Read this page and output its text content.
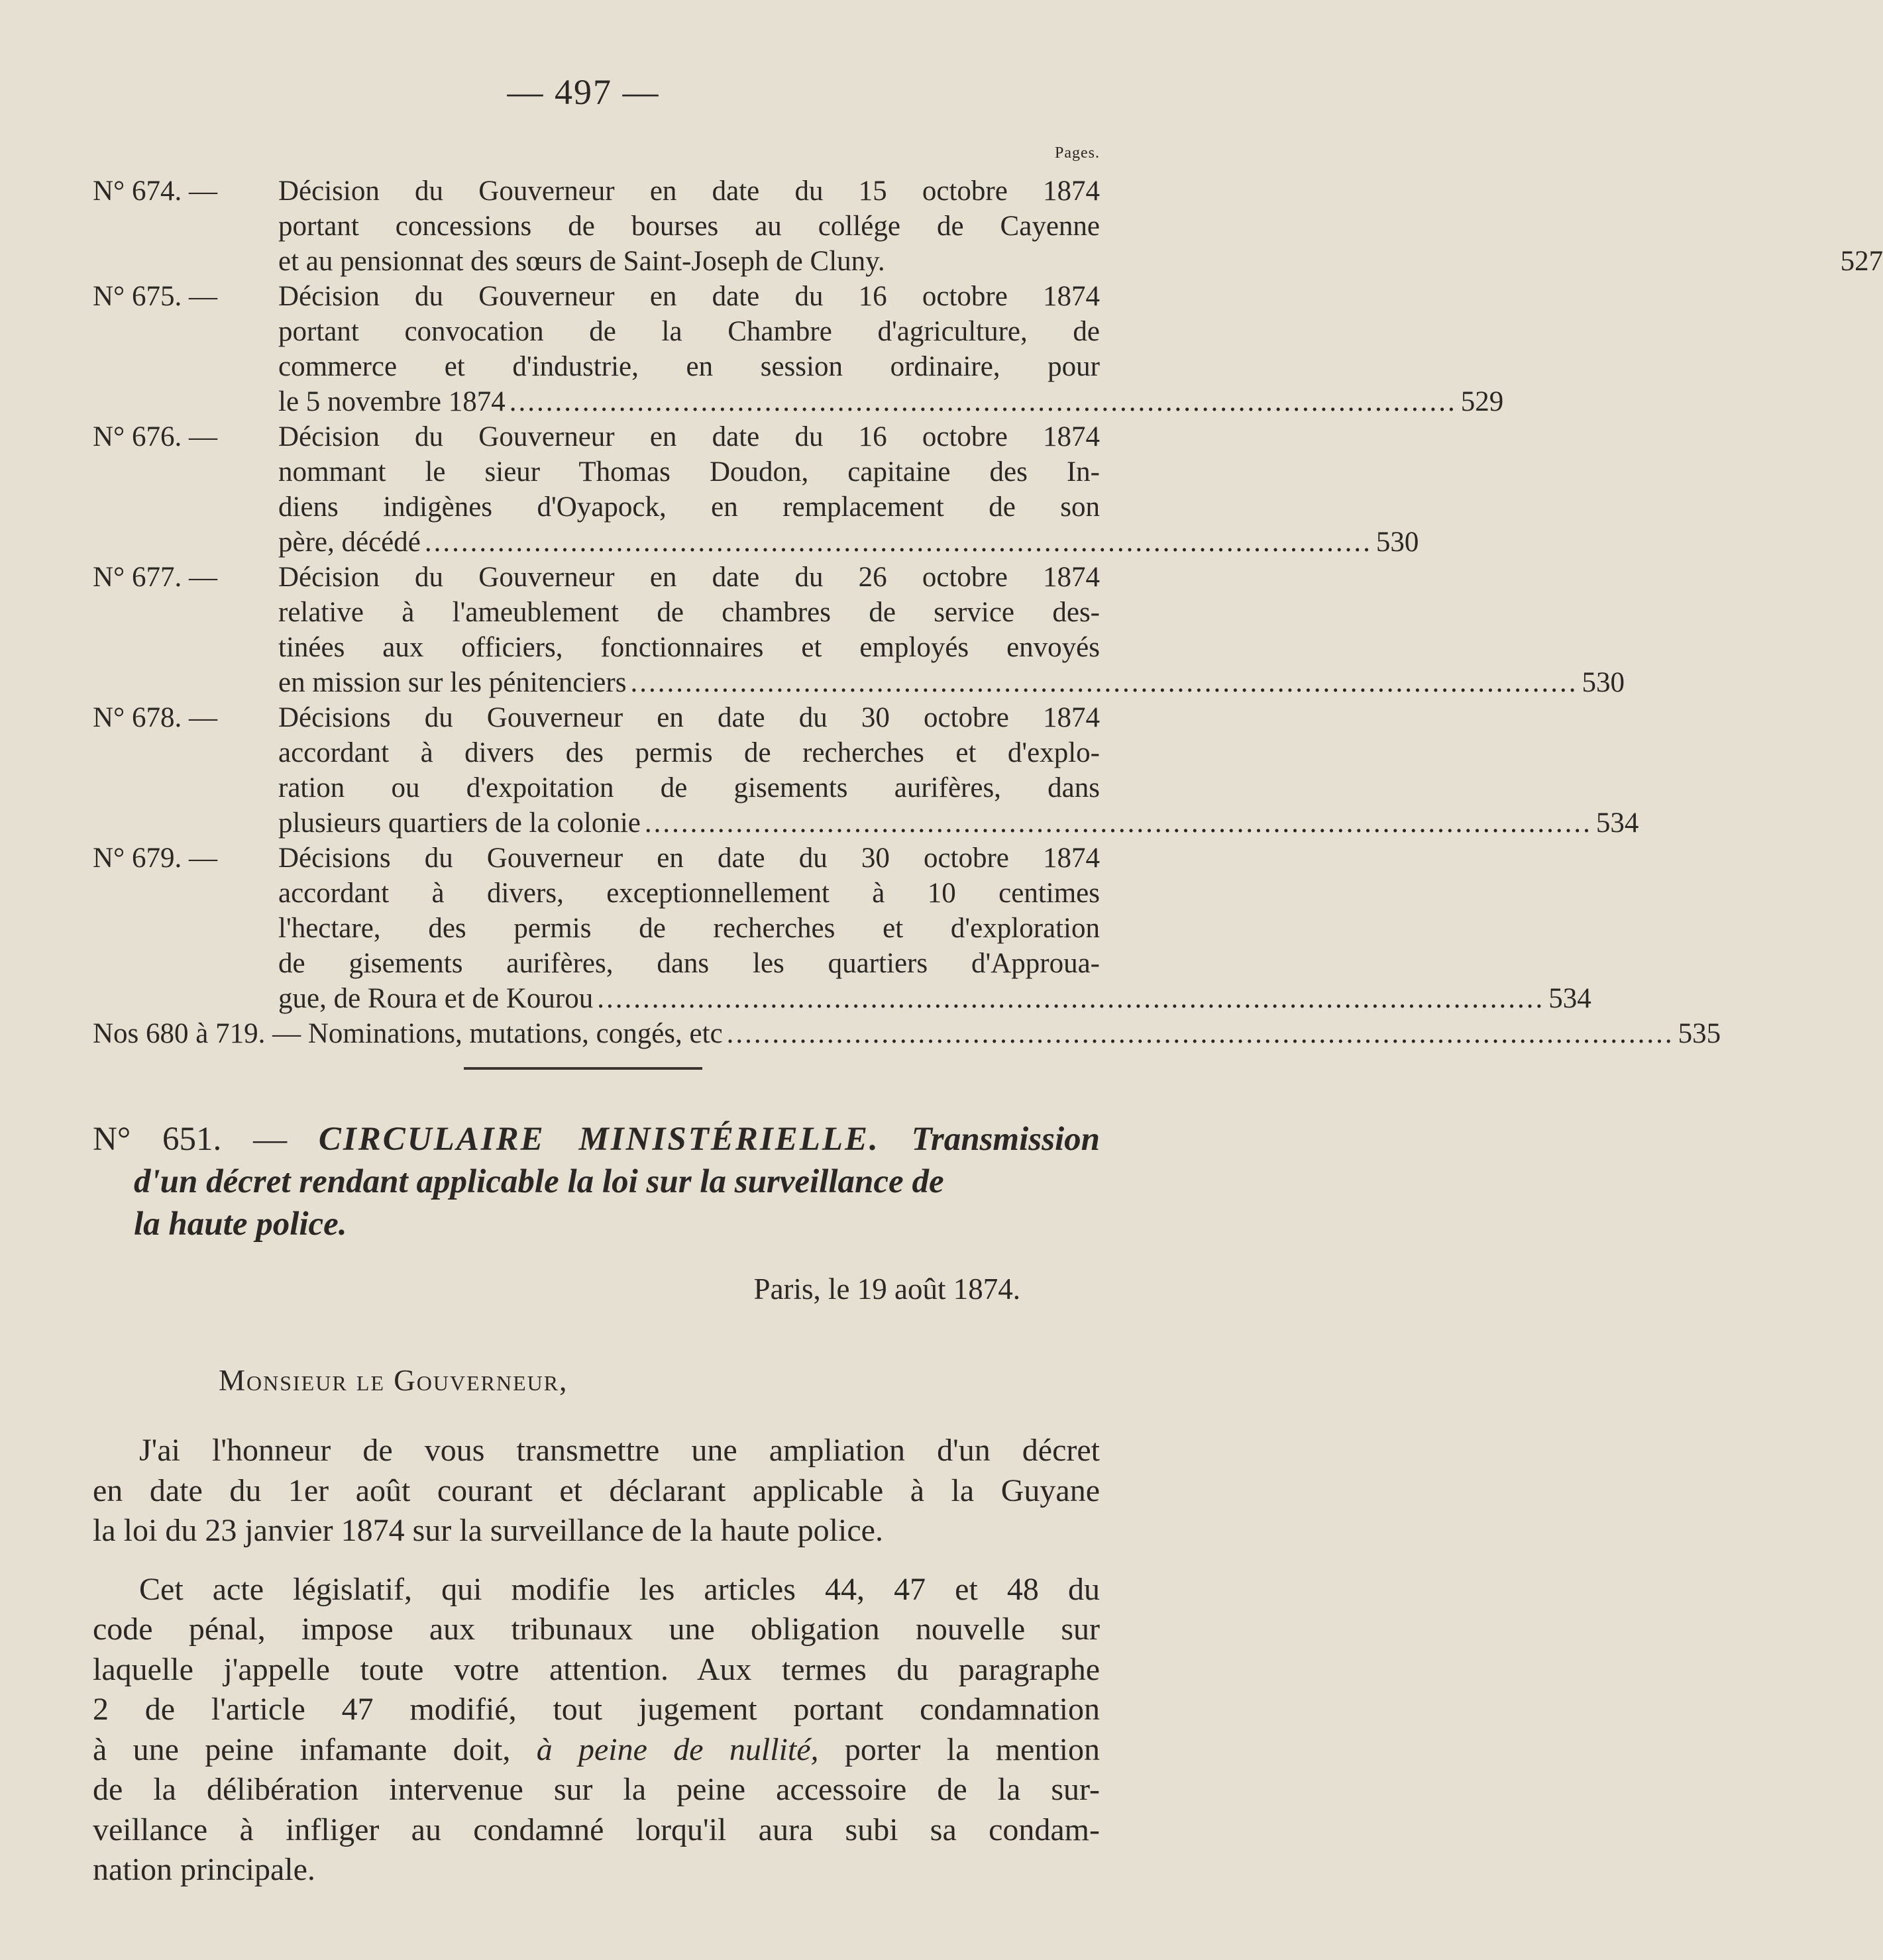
— 497 —
Pages.
N° 674. — Décision du Gouverneur en date du 15 octobre 1874
portant concessions de bourses au collége de Cayenne
et au pensionnat des sœurs de Saint-Joseph de Cluny.	527
N° 675. — Décision du Gouverneur en date du 16 octobre 1874
portant convocation de la Chambre d'agriculture, de
commerce et d'industrie, en session ordinaire, pour
le 5 novembre 1874 ........................................................................................................ 529
N° 676. — Décision du Gouverneur en date du 16 octobre 1874
nommant le sieur Thomas Doudon, capitaine des In-
diens indigènes d'Oyapock, en remplacement de son
père, décédé ........................................................................................................ 530
N° 677. — Décision du Gouverneur en date du 26 octobre 1874
relative à l'ameublement de chambres de service des-
tinées aux officiers, fonctionnaires et employés envoyés
en mission sur les pénitenciers ........................................................................................................ 530
N° 678. — Décisions du Gouverneur en date du 30 octobre 1874
accordant à divers des permis de recherches et d'explo-
ration ou d'expoitation de gisements aurifères, dans
plusieurs quartiers de la colonie ........................................................................................................ 534
N° 679. — Décisions du Gouverneur en date du 30 octobre 1874
accordant à divers, exceptionnellement à 10 centimes
l'hectare, des permis de recherches et d'exploration
de gisements aurifères, dans les quartiers d'Approua-
gue, de Roura et de Kourou ........................................................................................................ 534
Nos 680 à 719. — Nominations, mutations, congés, etc ........................................................................................................ 535
N° 651. — CIRCULAIRE MINISTÉRIELLE. Transmission
d'un décret rendant applicable la loi sur la surveillance de
la haute police.
Paris, le 19 août 1874.
Monsieur le Gouverneur,

J'ai l'honneur de vous transmettre une ampliation d'un décret
en date du 1er août courant et déclarant applicable à la Guyane
la loi du 23 janvier 1874 sur la surveillance de la haute police.

Cet acte législatif, qui modifie les articles 44, 47 et 48 du
code pénal, impose aux tribunaux une obligation nouvelle sur
laquelle j'appelle toute votre attention. Aux termes du paragraphe
2 de l'article 47 modifié, tout jugement portant condamnation
à une peine infamante doit, à peine de nullité, porter la mention
de la délibération intervenue sur la peine accessoire de la sur-
veillance à infliger au condamné lorqu'il aura subi sa condam-
nation principale.
